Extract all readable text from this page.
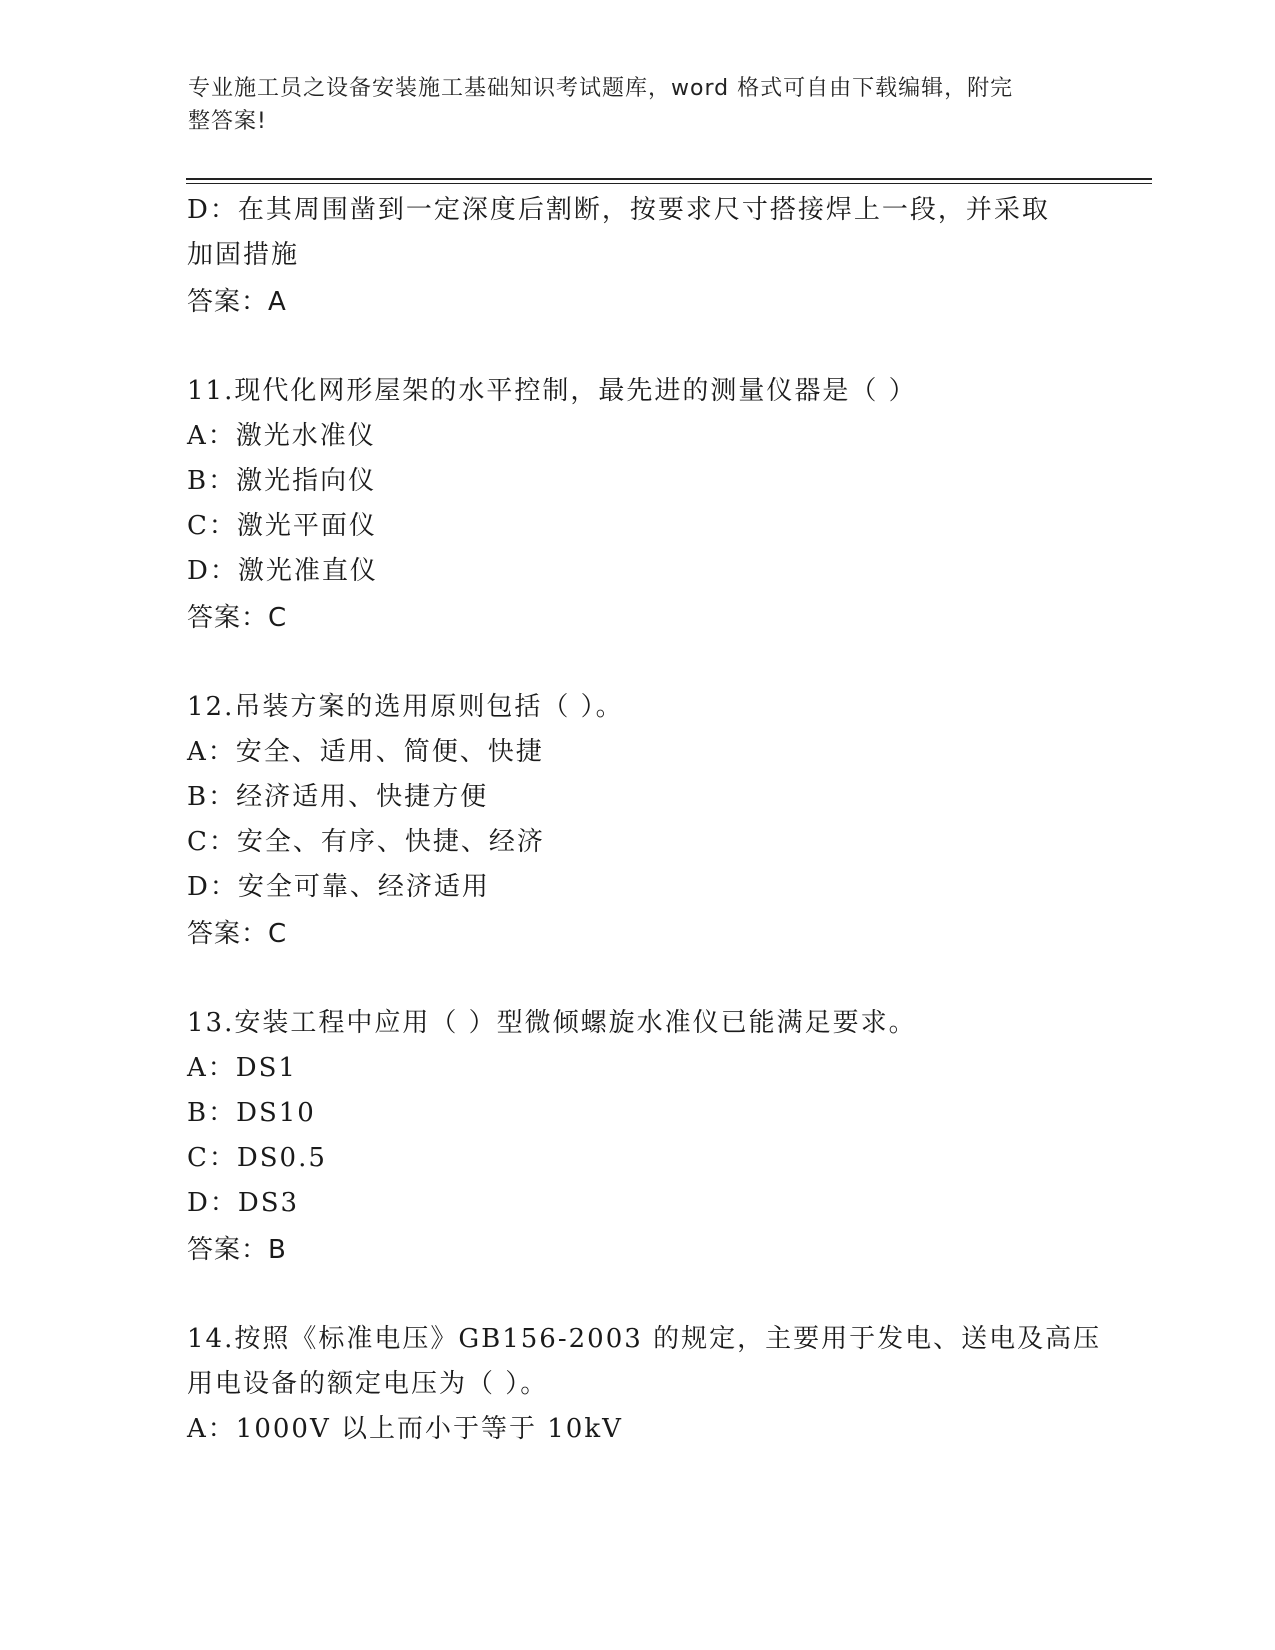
专业施工员之设备安装施工基础知识考试题库，word 格式可自由下载编辑，附完
整答案!
D：在其周围凿到一定深度后割断，按要求尺寸搭接焊上一段，并采取
加固措施
答案：A
11.现代化网形屋架的水平控制，最先进的测量仪器是（ ）
A：激光水准仪
B：激光指向仪
C：激光平面仪
D：激光准直仪
答案：C
12.吊装方案的选用原则包括（ ）。
A：安全、适用、简便、快捷
B：经济适用、快捷方便
C：安全、有序、快捷、经济
D：安全可靠、经济适用
答案：C
13.安装工程中应用（ ）型微倾螺旋水准仪已能满足要求。
A：DS1
B：DS10
C：DS0.5
D：DS3
答案：B
14.按照《标准电压》GB156-2003 的规定，主要用于发电、送电及高压
用电设备的额定电压为（ ）。
A：1000V 以上而小于等于 10kV
